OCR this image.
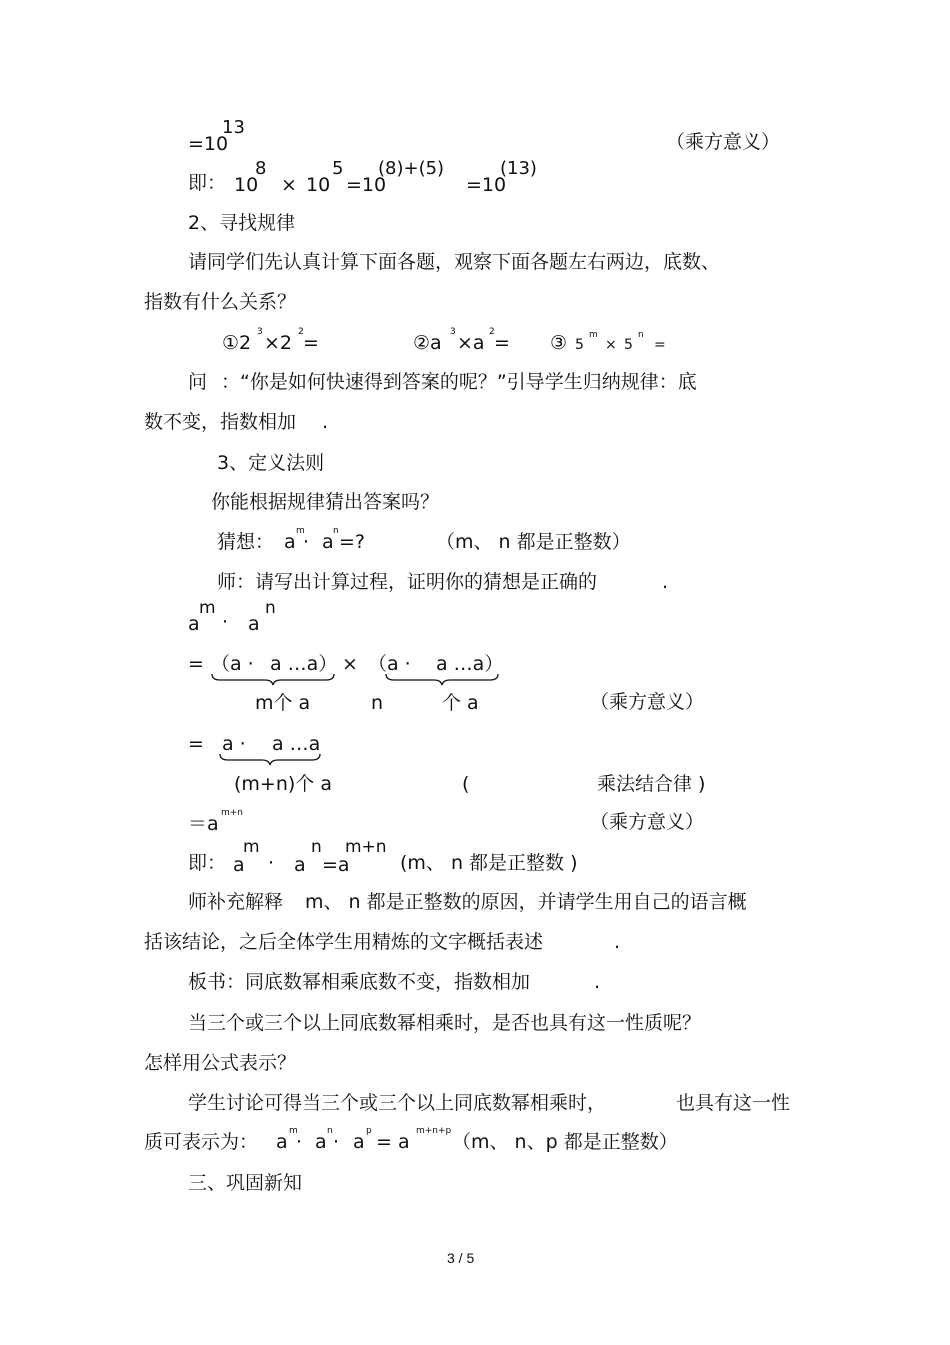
=10
13
（乘方意义）
即： 10
8
× 10
5
=10
(8)+(5)
=10
(13)
2、寻找规律
请同学们先认真计算下面各题，观察下面各题左右两边，底数、
指数有什么关系？
①2 3 ×2 2 =	②a 3 ×a 2 = ③ 5
m
× 5
n
=
问 ：“你是如何快速得到答案的呢？”引导学生归纳规律：底
数不变，指数相加 .
3、定义法则
你能根据规律猜出答案吗？
猜想： a m
· a n =?	（m、 n 都是正整数）
师：请写出计算过程，证明你的猜想是正确的	.
a
m
· a
n
= （a · a …a） × （a · a …a）
m个 a	n	个 a	（乘方意义）
= a · a …a
(m+n)个 a	(	乘法结合律 )
＝a m+n	（乘方意义）
即： a
m
· a
n
=a
m+n
(m、 n 都是正整数 )
师补充解释 m、 n 都是正整数的原因，并请学生用自己的语言概
括该结论，之后全体学生用精炼的文字概括表述	.
板书：同底数幂相乘底数不变，指数相加	.
当三个或三个以上同底数幂相乘时，是否也具有这一性质呢？
怎样用公式表示？
学生讨论可得当三个或三个以上同底数幂相乘时，	也具有这一性
质可表示为： a m
· a n · a p = a m+n+p （m、 n、p 都是正整数）
三、巩固新知
3 / 5
